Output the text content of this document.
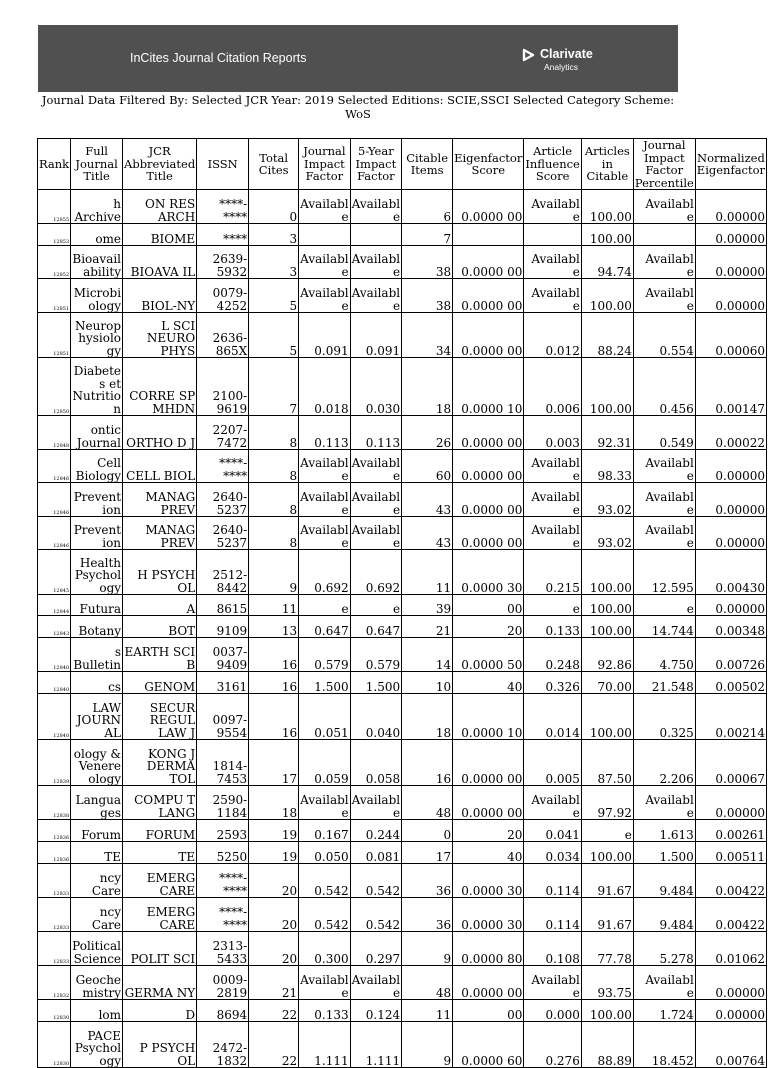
InCites Journal Citation Reports	Clarivate
Analytics
Journal Data Filtered By: Selected JCR Year: 2019 Selected Editions: SCIE,SSCI Selected Category Scheme: WoS
Rank	Full Journal Title	JCR Abbreviated Title	ISSN	Total Cites	Journal Impact Factor	5-Year Impact Factor	Citable Items	Eigenfactor Score	Article Influence Score	Articles in Citable	Journal Impact Factor Percentile	Normalized Eigenfactor
12855	h Archive	ON RES ARCH	****-****	0	Availabl e	Availabl e	6	0.0000 00	Availabl e	100.00	Availabl e	0.00000
12853	ome	BIOME	****	3			7			100.00		0.00000
12852	Bioavail ability	BIOAVA IL	2639-5932	3	Availabl e	Availabl e	38	0.0000 00	Availabl e	94.74	Availabl e	0.00000
12851	Microbi ology	BIOL-NY	0079-4252	5	Availabl e	Availabl e	38	0.0000 00	Availabl e	100.00	Availabl e	0.00000
12851	Neurop hysiolo gy	L SCI NEURO PHYS	2636-865X	5	0.091	0.091	34	0.0000 00	0.012	88.24	0.554	0.00060
12850	Diabete s et Nutritio n	CORRE SP MHDN	2100-9619	7	0.018	0.030	18	0.0000 10	0.006	100.00	0.456	0.00147
12848	ontic Journal	ORTHO D J	2207-7472	8	0.113	0.113	26	0.0000 00	0.003	92.31	0.549	0.00022
12846	Cell Biology	CELL BIOL	****-****	8	Availabl e	Availabl e	60	0.0000 00	Availabl e	98.33	Availabl e	0.00000
12846	Prevent ion	MANAG PREV	2640-5237	8	Availabl e	Availabl e	43	0.0000 00	Availabl e	93.02	Availabl e	0.00000
12846	Prevent ion	MANAG PREV	2640-5237	8	Availabl e	Availabl e	43	0.0000 00	Availabl e	93.02	Availabl e	0.00000
12845	Health Psychol ogy	H PSYCH OL	2512-8442	9	0.692	0.692	11	0.0000 30	0.215	100.00	12.595	0.00430
12844	Futura	A	8615	11	e	e	39	00	e	100.00	e	0.00000
12843	Botany	BOT	9109	13	0.647	0.647	21	20	0.133	100.00	14.744	0.00348
12840	s Bulletin	EARTH SCI B	0037-9409	16	0.579	0.579	14	0.0000 50	0.248	92.86	4.750	0.00726
12840	cs	GENOM	3161	16	1.500	1.500	10	40	0.326	70.00	21.548	0.00502
12840	LAW JOURN AL	SECUR REGUL LAW J	0097-9554	16	0.051	0.040	18	0.0000 10	0.014	100.00	0.325	0.00214
12839	ology & Venere ology	KONG J DERMA TOL	1814-7453	17	0.059	0.058	16	0.0000 00	0.005	87.50	2.206	0.00067
12838	Langua ges	COMPU T LANG	2590-1184	18	Availabl e	Availabl e	48	0.0000 00	Availabl e	97.92	Availabl e	0.00000
12836	Forum	FORUM	2593	19	0.167	0.244	0	20	0.041	e	1.613	0.00261
12836	TE	TE	5250	19	0.050	0.081	17	40	0.034	100.00	1.500	0.00511
12833	ncy Care	EMERG CARE	****-****	20	0.542	0.542	36	0.0000 30	0.114	91.67	9.484	0.00422
12833	ncy Care	EMERG CARE	****-****	20	0.542	0.542	36	0.0000 30	0.114	91.67	9.484	0.00422
12833	Political Science	POLIT SCI	2313-5433	20	0.300	0.297	9	0.0000 80	0.108	77.78	5.278	0.01062
12832	Geoche mistry	GERMA NY	0009-2819	21	Availabl e	Availabl e	48	0.0000 00	Availabl e	93.75	Availabl e	0.00000
12830	lom	D	8694	22	0.133	0.124	11	00	0.000	100.00	1.724	0.00000
12830	PACE Psychol ogy	P PSYCH OL	2472-1832	22	1.111	1.111	9	0.0000 60	0.276	88.89	18.452	0.00764
